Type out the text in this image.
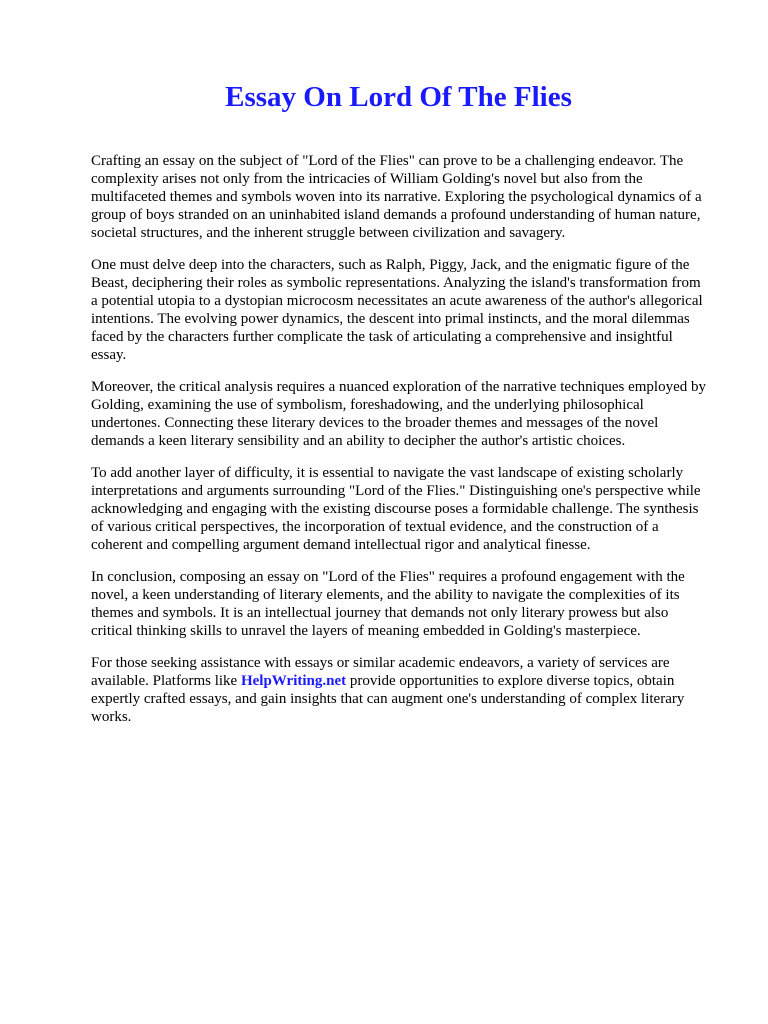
Essay On Lord Of The Flies

Crafting an essay on the subject of "Lord of the Flies" can prove to be a challenging endeavor. The complexity arises not only from the intricacies of William Golding's novel but also from the multifaceted themes and symbols woven into its narrative. Exploring the psychological dynamics of a group of boys stranded on an uninhabited island demands a profound understanding of human nature, societal structures, and the inherent struggle between civilization and savagery.

One must delve deep into the characters, such as Ralph, Piggy, Jack, and the enigmatic figure of the Beast, deciphering their roles as symbolic representations. Analyzing the island's transformation from a potential utopia to a dystopian microcosm necessitates an acute awareness of the author's allegorical intentions. The evolving power dynamics, the descent into primal instincts, and the moral dilemmas faced by the characters further complicate the task of articulating a comprehensive and insightful essay.

Moreover, the critical analysis requires a nuanced exploration of the narrative techniques employed by Golding, examining the use of symbolism, foreshadowing, and the underlying philosophical undertones. Connecting these literary devices to the broader themes and messages of the novel demands a keen literary sensibility and an ability to decipher the author's artistic choices.

To add another layer of difficulty, it is essential to navigate the vast landscape of existing scholarly interpretations and arguments surrounding "Lord of the Flies." Distinguishing one's perspective while acknowledging and engaging with the existing discourse poses a formidable challenge. The synthesis of various critical perspectives, the incorporation of textual evidence, and the construction of a coherent and compelling argument demand intellectual rigor and analytical finesse.

In conclusion, composing an essay on "Lord of the Flies" requires a profound engagement with the novel, a keen understanding of literary elements, and the ability to navigate the complexities of its themes and symbols. It is an intellectual journey that demands not only literary prowess but also critical thinking skills to unravel the layers of meaning embedded in Golding's masterpiece.

For those seeking assistance with essays or similar academic endeavors, a variety of services are available. Platforms like HelpWriting.net provide opportunities to explore diverse topics, obtain expertly crafted essays, and gain insights that can augment one's understanding of complex literary works.
